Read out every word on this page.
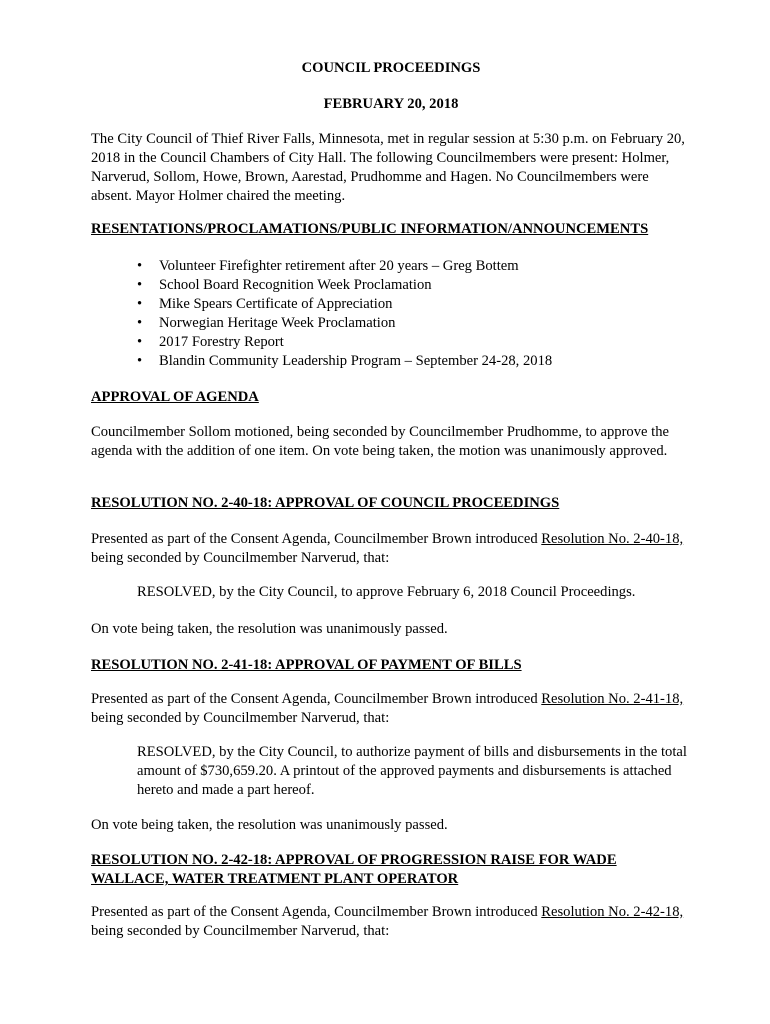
COUNCIL PROCEEDINGS

FEBRUARY 20, 2018

The City Council of Thief River Falls, Minnesota, met in regular session at 5:30 p.m. on February 20, 2018 in the Council Chambers of City Hall. The following Councilmembers were present: Holmer, Narverud, Sollom, Howe, Brown, Aarestad, Prudhomme and Hagen. No Councilmembers were absent. Mayor Holmer chaired the meeting.

RESENTATIONS/PROCLAMATIONS/PUBLIC INFORMATION/ANNOUNCEMENTS

• Volunteer Firefighter retirement after 20 years – Greg Bottem
• School Board Recognition Week Proclamation
• Mike Spears Certificate of Appreciation
• Norwegian Heritage Week Proclamation
• 2017 Forestry Report
• Blandin Community Leadership Program – September 24-28, 2018

APPROVAL OF AGENDA

Councilmember Sollom motioned, being seconded by Councilmember Prudhomme, to approve the agenda with the addition of one item. On vote being taken, the motion was unanimously approved.

RESOLUTION NO. 2-40-18: APPROVAL OF COUNCIL PROCEEDINGS

Presented as part of the Consent Agenda, Councilmember Brown introduced Resolution No. 2-40-18, being seconded by Councilmember Narverud, that:

RESOLVED, by the City Council, to approve February 6, 2018 Council Proceedings.

On vote being taken, the resolution was unanimously passed.

RESOLUTION NO. 2-41-18: APPROVAL OF PAYMENT OF BILLS

Presented as part of the Consent Agenda, Councilmember Brown introduced Resolution No. 2-41-18, being seconded by Councilmember Narverud, that:

RESOLVED, by the City Council, to authorize payment of bills and disbursements in the total amount of $730,659.20. A printout of the approved payments and disbursements is attached hereto and made a part hereof.

On vote being taken, the resolution was unanimously passed.

RESOLUTION NO. 2-42-18: APPROVAL OF PROGRESSION RAISE FOR WADE

WALLACE, WATER TREATMENT PLANT OPERATOR

Presented as part of the Consent Agenda, Councilmember Brown introduced Resolution No. 2-42-18, being seconded by Councilmember Narverud, that:
